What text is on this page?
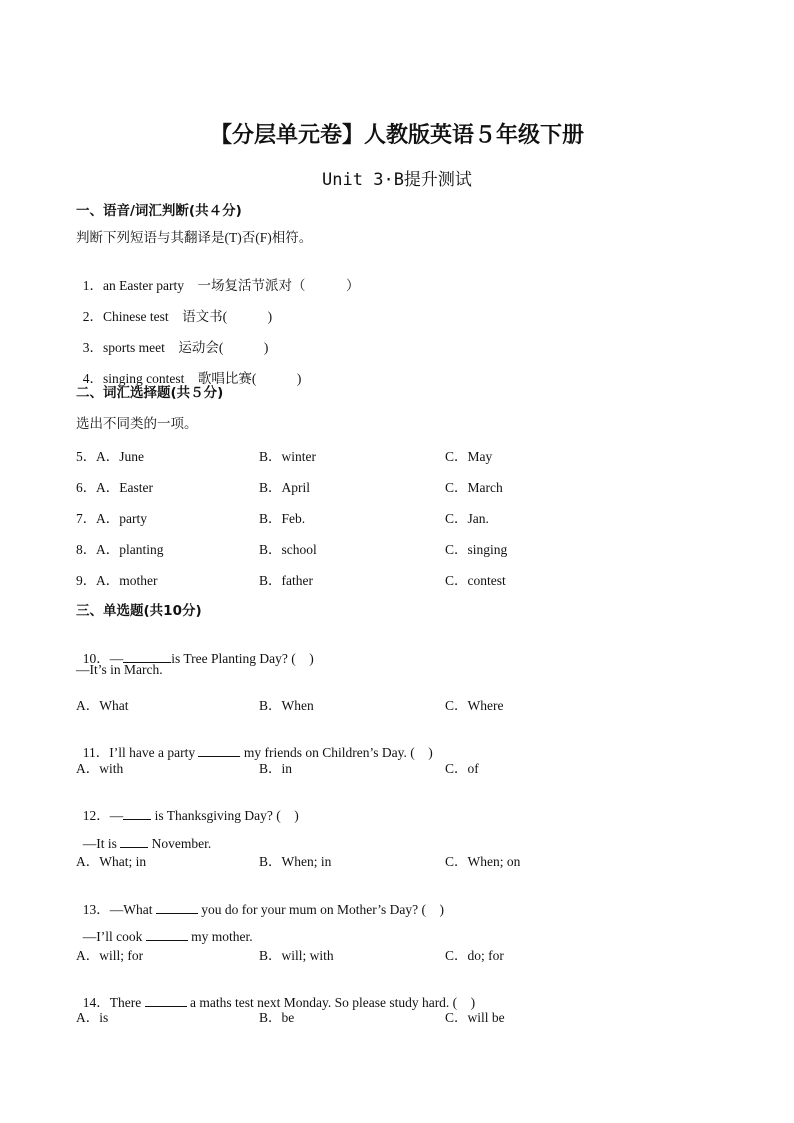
【分层单元卷】人教版英语５年级下册
Unit 3·B提升测试
一、语音/词汇判断(共４分)
判断下列短语与其翻译是(T)否(F)相符。

1．an Easter party　一场复活节派对（　　　）

2．Chinese test　语文书(　　　)

3．sports meet　运动会(　　　)

4．singing contest　歌唱比赛(　　　)

二、词汇选择题(共５分)
选出不同类的一项。
5． A．June	B．winter	C．May
6． A．Easter	B．April	C．March
7． A．party	B．Feb.	C．Jan.
8． A．planting	B．school	C．singing
9． A．mother	B．father	C．contest
三、单选题(共10分)

10．—	is Tree Planting Day? (　)

—It’s in March.
A．What	B．When	C．Where

11．I’ll have a party	my friends on Children’s Day. (　)

A．with	B．in	C．of

12．— is Thanksgiving Day? (　)

—It is  November.

A．What; in	B．When; in	C．When; on

13．—What	you do for your mum on Mother’s Day? (　)

—I’ll cook	my mother.

A．will; for	B．will; with	C．do; for

14．There	a maths test next Monday. So please study hard. (　)

A．is	B．be	C．will be
